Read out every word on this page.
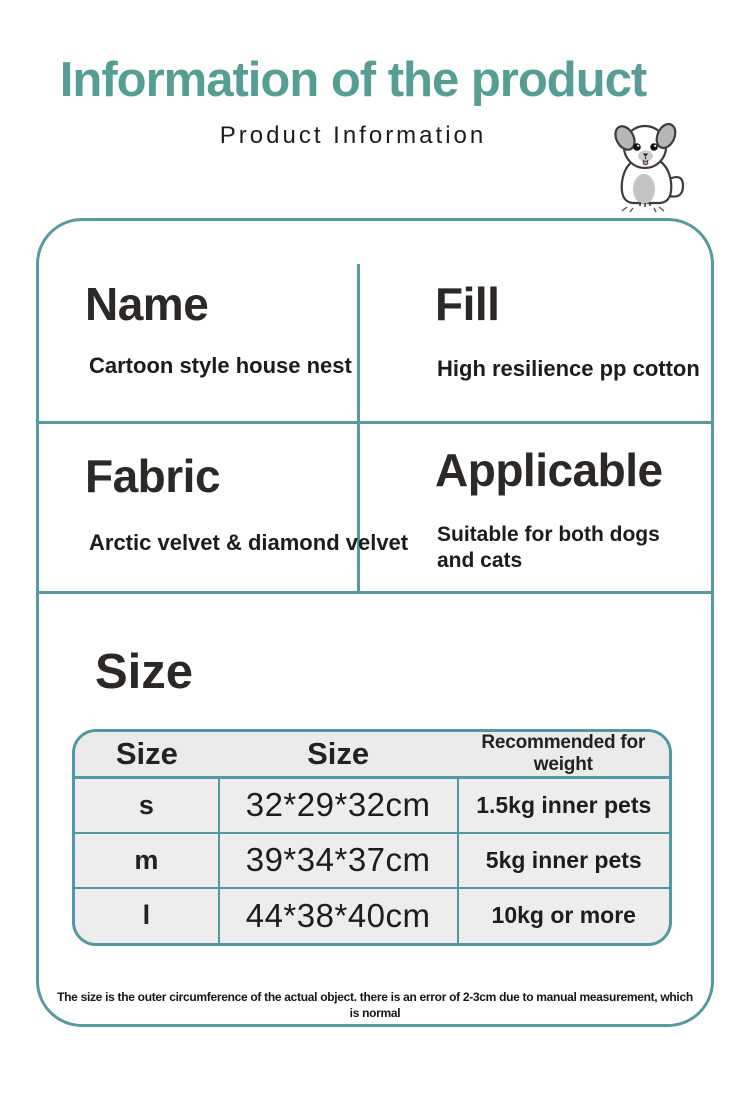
Information of the product
Product Information
Name
Cartoon style house nest
Fill
High resilience pp cotton
Fabric
Arctic velvet & diamond velvet
Applicable
Suitable for both dogs and cats
Size
Size	Size	Recommended for weight
s	32*29*32cm	1.5kg inner pets
m	39*34*37cm	5kg inner pets
l	44*38*40cm	10kg or more
The size is the outer circumference of the actual object. there is an error of 2-3cm due to manual measurement, which is normal
